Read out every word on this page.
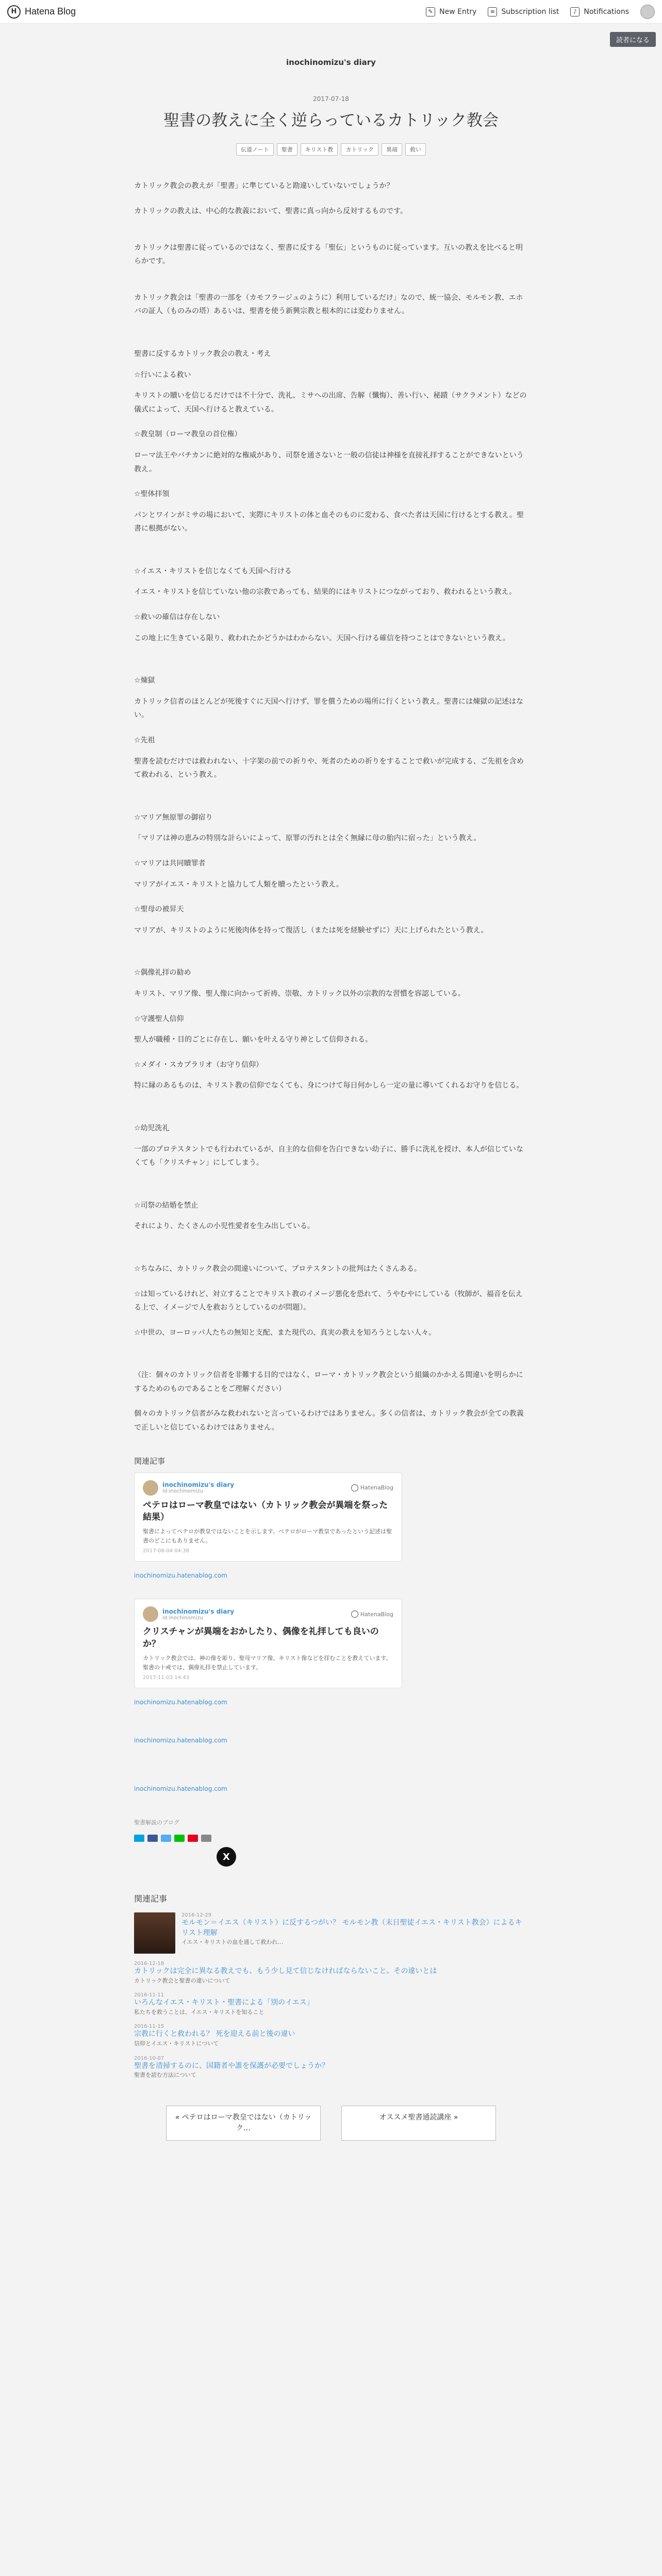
H Hatena Blog	✎ New Entry	≡ Subscription list	♪ Notifications
読者になる
inochinomizu's diary
2017-07-18
聖書の教えに全く逆らっているカトリック教会
伝道ノート	聖書	キリスト教	カトリック	異端	救い

カトリック教会の教えが「聖書」に準じていると勘違いしていないでしょうか？

カトリックの教えは、中心的な教義において、聖書に真っ向から反対するものです。

カトリックは聖書に従っているのではなく、聖書に反する「聖伝」というものに従っています。互いの教えを比べると明らかです。

カトリック教会は「聖書の一部を（カモフラージュのように）利用しているだけ」なので、統一協会、モルモン教、エホバの証人（ものみの塔）あるいは、聖書を使う新興宗教と根本的には変わりません。

聖書に反するカトリック教会の教え・考え

☆行いによる救い

キリストの贖いを信じるだけでは不十分で、洗礼、ミサへの出席、告解（懺悔）、善い行い、秘蹟（サクラメント）などの儀式によって、天国へ行けると教えている。

☆教皇制（ローマ教皇の首位権）

ローマ法王やバチカンに絶対的な権威があり、司祭を通さないと一般の信徒は神様を直接礼拝することができないという教え。

☆聖体拝領

パンとワインがミサの場において、実際にキリストの体と血そのものに変わる、食べた者は天国に行けるとする教え。聖書に根拠がない。

☆イエス・キリストを信じなくても天国へ行ける

イエス・キリストを信じていない他の宗教であっても、結果的にはキリストにつながっており、救われるという教え。

☆救いの確信は存在しない

この地上に生きている限り、救われたかどうかはわからない。天国へ行ける確信を持つことはできないという教え。

☆煉獄

カトリック信者のほとんどが死後すぐに天国へ行けず、罪を償うための場所に行くという教え。聖書には煉獄の記述はない。

☆先祖

聖書を読むだけでは救われない、十字架の前での祈りや、死者のための祈りをすることで救いが完成する、ご先祖を含めて救われる、という教え。

☆マリア無原罪の御宿り

「マリアは神の恵みの特別な計らいによって、原罪の汚れとは全く無縁に母の胎内に宿った」という教え。

☆マリアは共同贖罪者

マリアがイエス・キリストと協力して人類を贖ったという教え。

☆聖母の被昇天

マリアが、キリストのように死後肉体を持って復活し（または死を経験せずに）天に上げられたという教え。

☆偶像礼拝の勧め

キリスト、マリア像、聖人像に向かって祈祷、崇敬、カトリック以外の宗教的な習慣を容認している。

☆守護聖人信仰

聖人が職種・目的ごとに存在し、願いを叶える守り神として信仰される。

☆メダイ・スカプラリオ（お守り信仰）

特に縁のあるものは、キリスト教の信仰でなくても、身につけて毎日何かしら一定の量に導いてくれるお守りを信じる。

☆幼児洗礼

一部のプロテスタントでも行われているが、自主的な信仰を告白できない幼子に、勝手に洗礼を授け、本人が信じていなくても「クリスチャン」にしてしまう。

☆司祭の結婚を禁止

それにより、たくさんの小児性愛者を生み出している。

☆ちなみに、カトリック教会の間違いについて、プロテスタントの批判はたくさんある。

☆は知っているけれど、対立することでキリスト教のイメージ悪化を恐れて、うやむやにしている（牧師が、福音を伝える上で、イメージで人を救おうとしているのが問題）。

☆中世の、ヨーロッパ人たちの無知と支配、また現代の、真実の教えを知ろうとしない人々。

（注：個々のカトリック信者を非難する目的ではなく、ローマ・カトリック教会という組織のかかえる間違いを明らかにするためのものであることをご理解ください）

個々のカトリック信者がみな救われないと言っているわけではありません。多くの信者は、カトリック教会が全ての教義で正しいと信じているわけではありません。

関連記事
inochinomizu's diary
id:inochinomizu
HatenaBlog
ペテロはローマ教皇ではない（カトリック教会が異端を祭った結果）
聖書によってペテロが教皇ではないことを示します。ペテロがローマ教皇であったという記述は聖書のどこにもありません。
2017-08-04 04:38
inochinomizu.hatenablog.com
inochinomizu's diary
id:inochinomizu
HatenaBlog
クリスチャンが異端をおかしたり、偶像を礼拝しても良いのか？
カトリック教会では、神の像を彫り、聖母マリア像、キリスト像などを拝むことを教えています。聖書の十戒では、偶像礼拝を禁止しています。
2017-11-03 14:43
inochinomizu.hatenablog.com
inochinomizu.hatenablog.com
inochinomizu.hatenablog.com
聖書解説のブログ
X
関連記事
2016-12-29
モルモン＝イエス（キリスト）に反するつがい？ モルモン教（末日聖徒イエス・キリスト教会）によるキリスト理解
イエス・キリストの血を通して救われ…
2016-12-18
カトリックは完全に異なる教えでも、もう少し見て信じなければならないこと。その違いとは
カトリック教会と聖書の違いについて
2016-11-11
いろんなイエス・キリスト・聖書による「別のイエス」
私たちを救うことは、イエス・キリストを知ること
2016-11-15
宗教に行くと救われる？ 死を迎える前と後の違い
信仰とイエス・キリストについて
2016-10-07
聖書を清掃するのに、国籍者や誰を保護が必要でしょうか？
聖書を読む方法について
« ペテロはローマ教皇ではない（カトリック…
オススメ聖書通読講座 »
